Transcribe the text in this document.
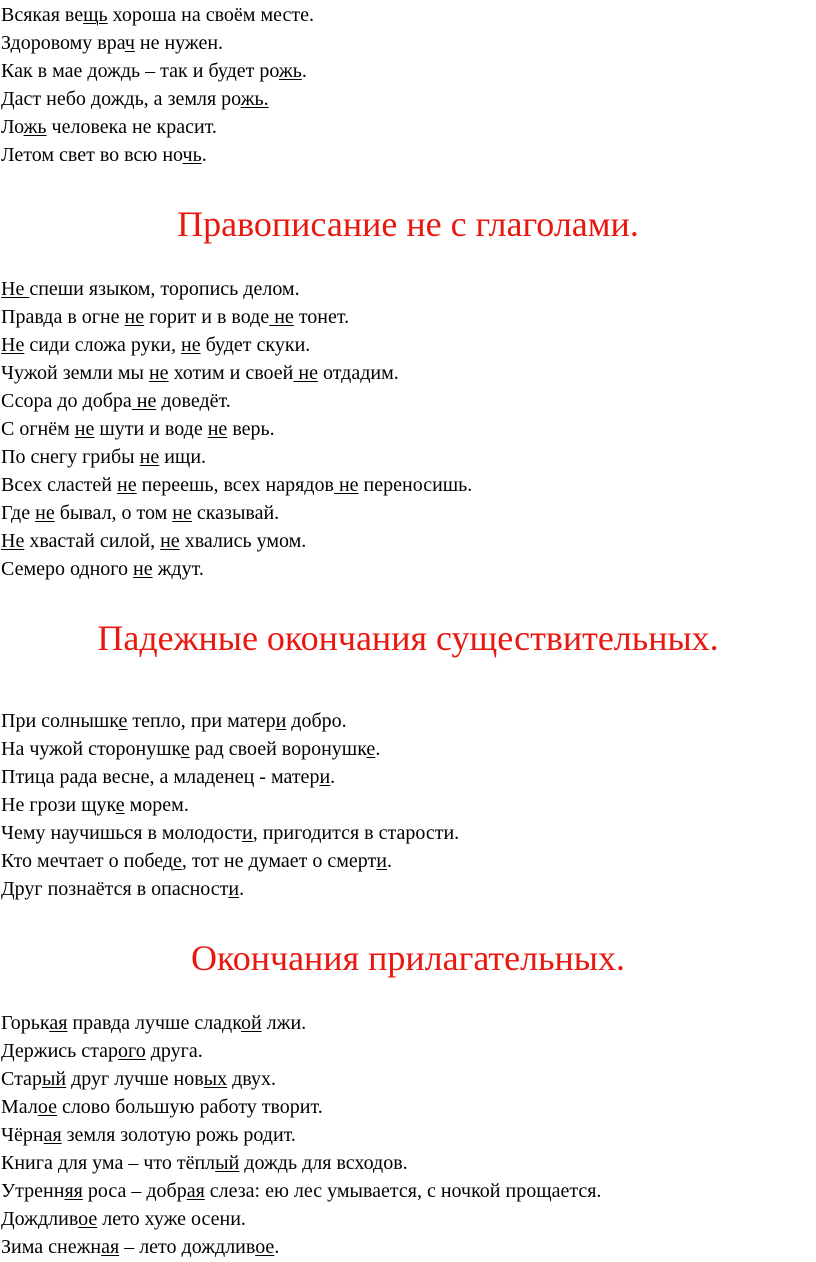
Всякая вещь хороша на своём месте.
Здоровому врач не нужен.
Как в мае дождь – так и будет рожь.
Даст небо дождь, а земля рожь.
Ложь человека не красит.
Летом свет во всю ночь.
Правописание не с глаголами.
Не спеши языком, торопись делом.
Правда в огне не горит и в воде не тонет.
Не сиди сложа руки, не будет скуки.
Чужой земли мы не хотим и своей не отдадим.
Ссора до добра не доведёт.
С огнём не шути и воде не верь.
По снегу грибы не ищи.
Всех сластей не переешь, всех нарядов не переносишь.
Где не бывал, о том не сказывай.
Не хвастай силой, не хвались умом.
Семеро одного не ждут.
Падежные окончания существительных.
При солнышке тепло, при матери добро.
На чужой сторонушке рад своей воронушке.
Птица рада весне, а младенец - матери.
Не грози щуке морем.
Чему научишься в молодости, пригодится в старости.
Кто мечтает о победе, тот не думает о смерти.
Друг познаётся в опасности.
Окончания прилагательных.
Горькая правда лучше сладкой лжи.
Держись старого друга.
Старый друг лучше новых двух.
Малое слово большую работу творит.
Чёрная земля золотую рожь родит.
Книга для ума – что тёплый дождь для всходов.
Утренняя роса – добрая слеза: ею лес умывается, с ночкой прощается.
Дождливое лето хуже осени.
Зима снежная – лето дождливое.
